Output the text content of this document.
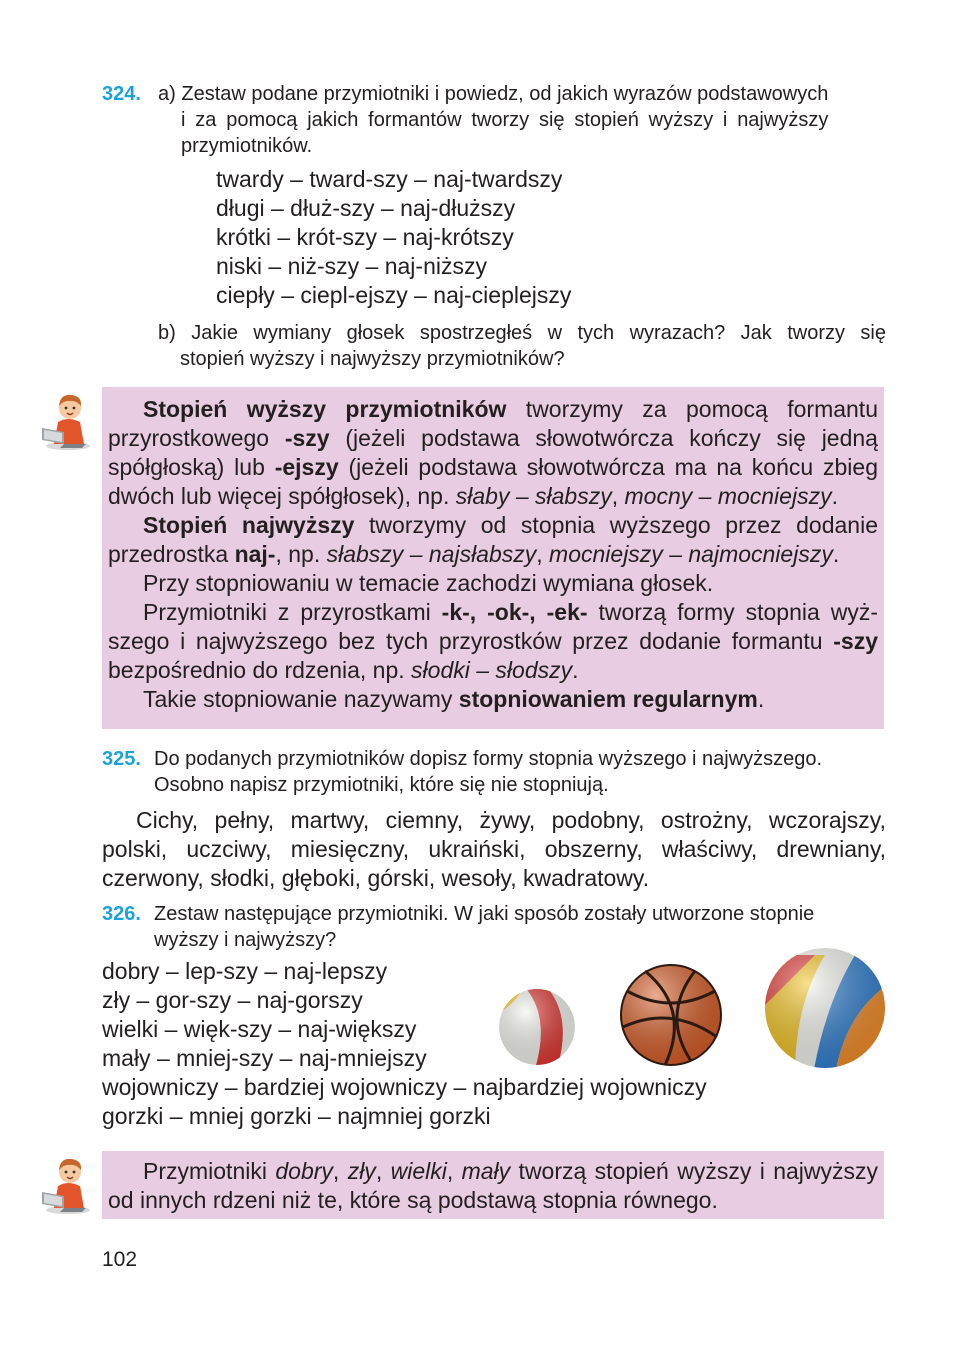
324. a) Zestaw podane przymiotniki i powiedz, od jakich wyrazów podstawowych
i za pomocą jakich formantów tworzy się stopień wyższy i najwyższy
przymiotników.
twardy – tward-szy – naj-twardszy
długi – dłuż-szy – naj-dłuższy
krótki – krót-szy – naj-krótszy
niski – niż-szy – naj-niższy
ciepły – ciepl-ejszy – naj-cieplejszy
b) Jakie wymiany głosek spostrzegłeś w tych wyrazach? Jak tworzy się
stopień wyższy i najwyższy przymiotników?

Stopień wyższy przymiotników tworzymy za pomocą formantu przyrostkowego -szy (jeżeli podstawa słowotwórcza kończy się jedną spółgłoską) lub -ejszy (jeżeli podstawa słowotwórcza ma na końcu zbieg dwóch lub więcej spółgłosek), np. słaby – słabszy, mocny – mocniejszy.

Stopień najwyższy tworzymy od stopnia wyższego przez dodanie przedrostka naj-, np. słabszy – najsłabszy, mocniejszy – najmocniejszy.

Przy stopniowaniu w temacie zachodzi wymiana głosek.

Przymiotniki z przyrostkami -k-, -ok-, -ek- tworzą formy stopnia wyż-szego i najwyższego bez tych przyrostków przez dodanie formantu -szy bezpośrednio do rdzenia, np. słodki – słodszy.

Takie stopniowanie nazywamy stopniowaniem regularnym.

325. Do podanych przymiotników dopisz formy stopnia wyższego i najwyższego.
Osobno napisz przymiotniki, które się nie stopniują.

Cichy, pełny, martwy, ciemny, żywy, podobny, ostrożny, wczorajszy, polski, uczciwy, miesięczny, ukraiński, obszerny, właściwy, drewniany, czerwony, słodki, głęboki, górski, wesoły, kwadratowy.

326. Zestaw następujące przymiotniki. W jaki sposób zostały utworzone stopnie
wyższy i najwyższy?
dobry – lep-szy – naj-lepszy
zły – gor-szy – naj-gorszy
wielki – więk-szy – naj-większy
mały – mniej-szy – naj-mniejszy
wojowniczy – bardziej wojowniczy – najbardziej wojowniczy
gorzki – mniej gorzki – najmniej gorzki

Przymiotniki dobry, zły, wielki, mały tworzą stopień wyższy i najwyższy od innych rdzeni niż te, które są podstawą stopnia równego.

102
